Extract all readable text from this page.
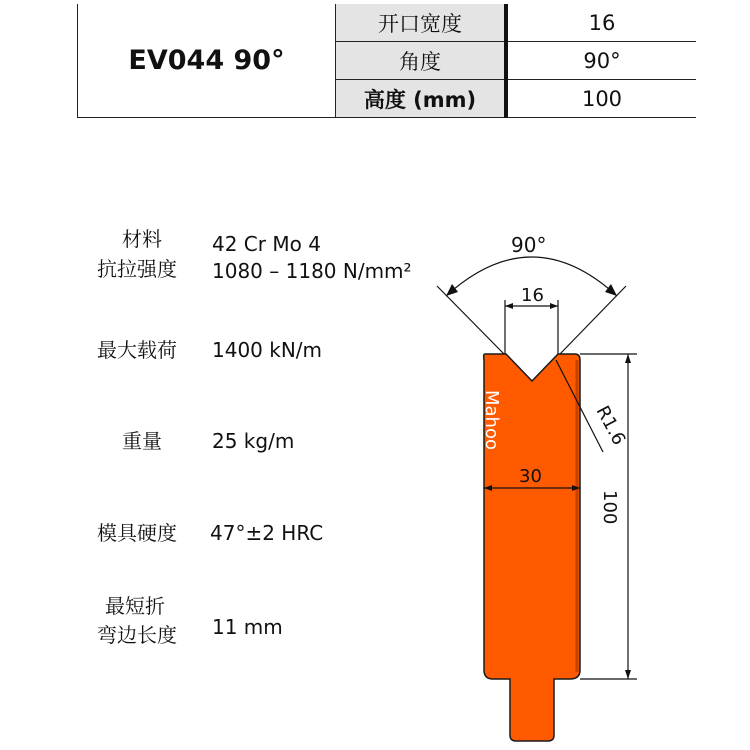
EV044 90°	开口宽度	16
	角度	90°
	高度 (mm)	100
材料	42 Cr Mo 4
抗拉强度 1080 – 1180 N/mm²
最大载荷 1400 kN/m
重量	25 kg/m
模具硬度 47°±2 HRC
最短折
弯边长度 11 mm
Mahoo
90°
16
R1.6
30
100
